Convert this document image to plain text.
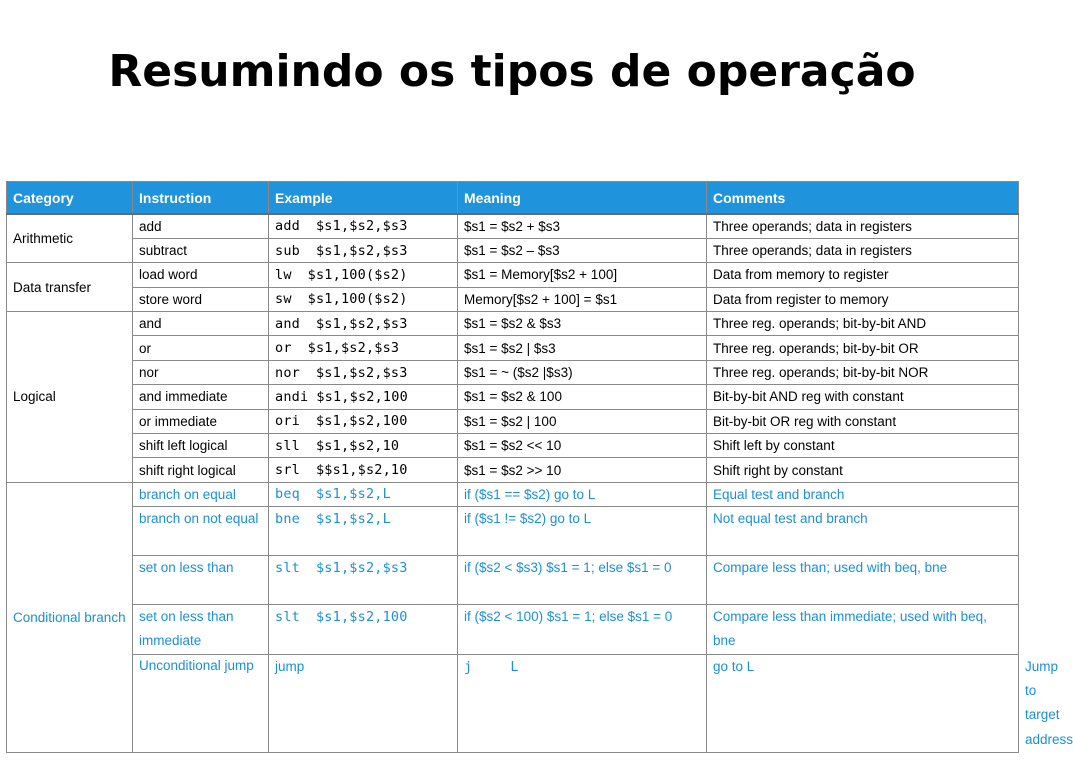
Resumindo os tipos de operação
Category	Instruction	Example	Meaning	Comments	
Arithmetic	add	add $s1,$s2,$s3	$s1 = $s2 + $s3	Three operands; data in registers	
	subtract	sub $s1,$s2,$s3	$s1 = $s2 – $s3	Three operands; data in registers	
Data transfer	load word	lw $s1,100($s2)	$s1 = Memory[$s2 + 100]	Data from memory to register	
	store word	sw $s1,100($s2)	Memory[$s2 + 100] = $s1	Data from register to memory	
Logical	and	and $s1,$s2,$s3	$s1 = $s2 & $s3	Three reg. operands; bit-by-bit AND	
	or	or $s1,$s2,$s3	$s1 = $s2 | $s3	Three reg. operands; bit-by-bit OR	
	nor	nor $s1,$s2,$s3	$s1 = ~ ($s2 |$s3)	Three reg. operands; bit-by-bit NOR	
	and immediate	andi $s1,$s2,100	$s1 = $s2 & 100	Bit-by-bit AND reg with constant	
	or immediate	ori $s1,$s2,100	$s1 = $s2 | 100	Bit-by-bit OR reg with constant	
	shift left logical	sll $s1,$s2,10	$s1 = $s2 << 10	Shift left by constant	
	shift right logical	srl $$s1,$s2,10	$s1 = $s2 >> 10	Shift right by constant	
Conditional branch	branch on equal	beq $s1,$s2,L	if ($s1 == $s2) go to L	Equal test and branch	
	branch on not equal	bne $s1,$s2,L	if ($s1 != $s2) go to L	Not equal test and branch	
	set on less than	slt $s1,$s2,$s3	if ($s2 < $s3) $s1 = 1; else $s1 = 0	Compare less than; used with beq, bne	
	set on less than immediate	slt $s1,$s2,100	if ($s2 < 100) $s1 = 1; else $s1 = 0	Compare less than immediate; used with beq, bne	
	Unconditional jump	jump	j L	go to L	Jump to target address
